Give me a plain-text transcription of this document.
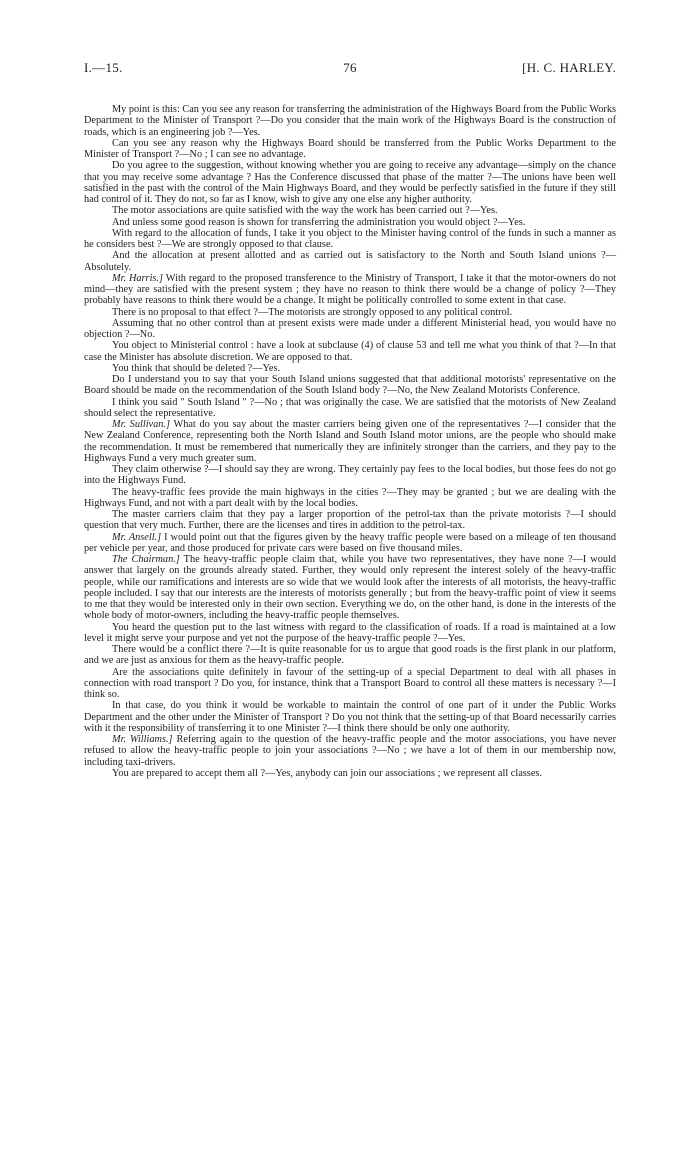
I.—15.	76	[H. C. HARLEY.

My point is this: Can you see any reason for transferring the administration of the Highways Board from the Public Works Department to the Minister of Transport ?—Do you consider that the main work of the Highways Board is the construction of roads, which is an engineering job ?—Yes.

Can you see any reason why the Highways Board should be transferred from the Public Works Department to the Minister of Transport ?—No ; I can see no advantage.

Do you agree to the suggestion, without knowing whether you are going to receive any advantage—simply on the chance that you may receive some advantage ? Has the Conference discussed that phase of the matter ?—The unions have been well satisfied in the past with the control of the Main Highways Board, and they would be perfectly satisfied in the future if they still had control of it. They do not, so far as I know, wish to give any one else any higher authority.

The motor associations are quite satisfied with the way the work has been carried out ?—Yes.

And unless some good reason is shown for transferring the administration you would object ?—Yes.

With regard to the allocation of funds, I take it you object to the Minister having control of the funds in such a manner as he considers best ?—We are strongly opposed to that clause.

And the allocation at present allotted and as carried out is satisfactory to the North and South Island unions ?—Absolutely.

Mr. Harris.] With regard to the proposed transference to the Ministry of Transport, I take it that the motor-owners do not mind—they are satisfied with the present system ; they have no reason to think there would be a change of policy ?—They probably have reasons to think there would be a change. It might be politically controlled to some extent in that case.

There is no proposal to that effect ?—The motorists are strongly opposed to any political control.

Assuming that no other control than at present exists were made under a different Ministerial head, you would have no objection ?—No.

You object to Ministerial control : have a look at subclause (4) of clause 53 and tell me what you think of that ?—In that case the Minister has absolute discretion. We are opposed to that.

You think that should be deleted ?—Yes.

Do I understand you to say that your South Island unions suggested that that additional motorists' representative on the Board should be made on the recommendation of the South Island body ?—No, the New Zealand Motorists Conference.

I think you said " South Island " ?—No ; that was originally the case. We are satisfied that the motorists of New Zealand should select the representative.

Mr. Sullivan.] What do you say about the master carriers being given one of the representatives ?—I consider that the New Zealand Conference, representing both the North Island and South Island motor unions, are the people who should make the recommendation. It must be remembered that numerically they are infinitely stronger than the carriers, and they pay to the Highways Fund a very much greater sum.

They claim otherwise ?—I should say they are wrong. They certainly pay fees to the local bodies, but those fees do not go into the Highways Fund.

The heavy-traffic fees provide the main highways in the cities ?—They may be granted ; but we are dealing with the Highways Fund, and not with a part dealt with by the local bodies.

The master carriers claim that they pay a larger proportion of the petrol-tax than the private motorists ?—I should question that very much. Further, there are the licenses and tires in addition to the petrol-tax.

Mr. Ansell.] I would point out that the figures given by the heavy traffic people were based on a mileage of ten thousand per vehicle per year, and those produced for private cars were based on five thousand miles.

The Chairman.] The heavy-traffic people claim that, while you have two representatives, they have none ?—I would answer that largely on the grounds already stated. Further, they would only represent the interest solely of the heavy-traffic people, while our ramifications and interests are so wide that we would look after the interests of all motorists, the heavy-traffic people included. I say that our interests are the interests of motorists generally ; but from the heavy-traffic point of view it seems to me that they would be interested only in their own section. Everything we do, on the other hand, is done in the interests of the whole body of motor-owners, including the heavy-traffic people themselves.

You heard the question put to the last witness with regard to the classification of roads. If a road is maintained at a low level it might serve your purpose and yet not the purpose of the heavy-traffic people ?—Yes.

There would be a conflict there ?—It is quite reasonable for us to argue that good roads is the first plank in our platform, and we are just as anxious for them as the heavy-traffic people.

Are the associations quite definitely in favour of the setting-up of a special Department to deal with all phases in connection with road transport ? Do you, for instance, think that a Transport Board to control all these matters is necessary ?—I think so.

In that case, do you think it would be workable to maintain the control of one part of it under the Public Works Department and the other under the Minister of Transport ? Do you not think that the setting-up of that Board necessarily carries with it the responsibility of transferring it to one Minister ?—I think there should be only one authority.

Mr. Williams.] Referring again to the question of the heavy-traffic people and the motor associations, you have never refused to allow the heavy-traffic people to join your associations ?—No ; we have a lot of them in our membership now, including taxi-drivers.

You are prepared to accept them all ?—Yes, anybody can join our associations ; we represent all classes.
